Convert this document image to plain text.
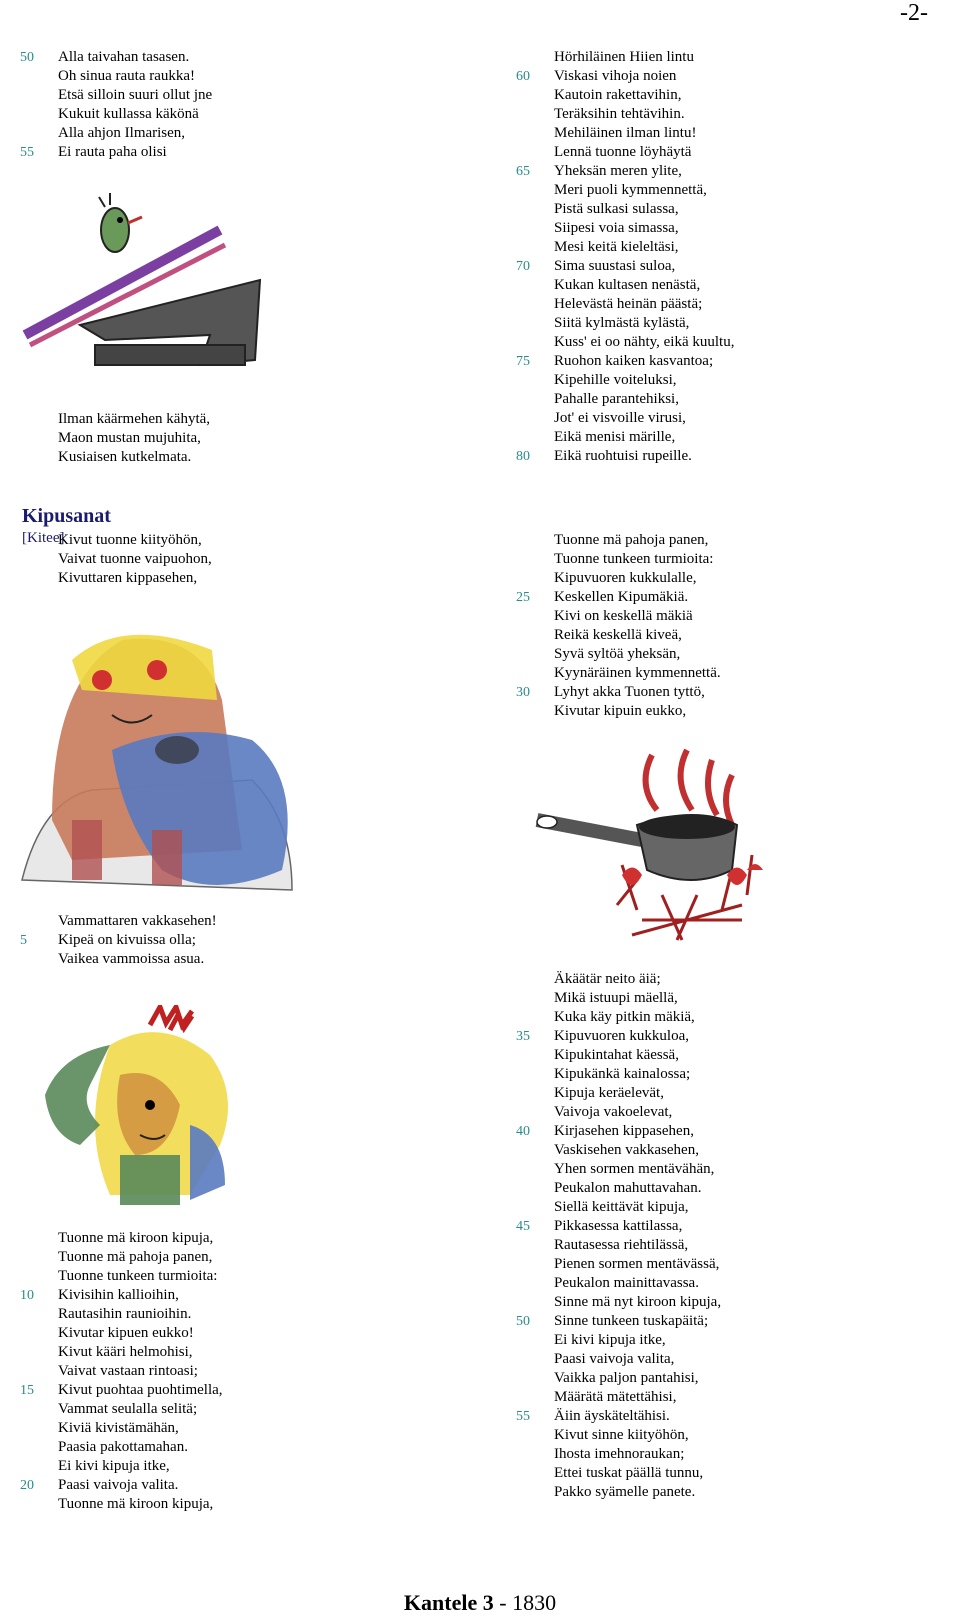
-2-
50	Alla taivahan tasasen.
Oh sinua rauta raukka!
Etsä silloin suuri ollut jne
Kukuit kullassa käkönä
Alla ahjon Ilmarisen,
55	Ei rauta paha olisi
Ilman käärmehen kähytä,
Maon mustan mujuhita,
Kusiaisen kutkelmata.
Hörhiläinen Hiien lintu
60	Viskasi vihoja noien
Kautoin rakettavihin,
Teräksihin tehtävihin.
Mehiläinen ilman lintu!
Lennä tuonne löyhäytä
65	Yheksän meren ylite,
Meri puoli kymmennettä,
Pistä sulkasi sulassa,
Siipesi voia simassa,
Mesi keitä kieleltäsi,
70	Sima suustasi suloa,
Kukan kultasen nenästä,
Helevästä heinän päästä;
Siitä kylmästä kylästä,
Kuss' ei oo nähty, eikä kuultu,
75	Ruohon kaiken kasvantoa;
Kipehille voiteluksi,
Pahalle parantehiksi,
Jot' ei visvoille virusi,
Eikä menisi märille,
80	Eikä ruohtuisi rupeille.
Kipusanat
[Kitee]
Kivut tuonne kiityöhön,
Vaivat tuonne vaipuohon,
Kivuttaren kippasehen,
Vammattaren vakkasehen!
5	Kipeä on kivuissa olla;
Vaikea vammoissa asua.
Tuonne mä kiroon kipuja,
Tuonne mä pahoja panen,
Tuonne tunkeen turmioita:
10	Kivisihin kallioihin,
Rautasihin raunioihin.
Kivutar kipuen eukko!
Kivut kääri helmohisi,
Vaivat vastaan rintoasi;
15	Kivut puohtaa puohtimella,
Vammat seulalla selitä;
Kiviä kivistämähän,
Paasia pakottamahan.
Ei kivi kipuja itke,
20	Paasi vaivoja valita.
Tuonne mä kiroon kipuja,
Tuonne mä pahoja panen,
Tuonne tunkeen turmioita:
Kipuvuoren kukkulalle,
25	Keskellen Kipumäkiä.
Kivi on keskellä mäkiä
Reikä keskellä kiveä,
Syvä syltöä yheksän,
Kyynäräinen kymmennettä.
30	Lyhyt akka Tuonen tyttö,
Kivutar kipuin eukko,
Äkäätär neito äiä;
Mikä istuupi mäellä,
Kuka käy pitkin mäkiä,
35	Kipuvuoren kukkuloa,
Kipukintahat käessä,
Kipukänkä kainalossa;
Kipuja keräelevät,
Vaivoja vakoelevat,
40	Kirjasehen kippasehen,
Vaskisehen vakkasehen,
Yhen sormen mentävähän,
Peukalon mahuttavahan.
Siellä keittävät kipuja,
45	Pikkasessa kattilassa,
Rautasessa riehtilässä,
Pienen sormen mentävässä,
Peukalon mainittavassa.
Sinne mä nyt kiroon kipuja,
50	Sinne tunkeen tuskapäitä;
Ei kivi kipuja itke,
Paasi vaivoja valita,
Vaikka paljon pantahisi,
Määrätä mätettähisi,
55	Äiin äyskäteltähisi.
Kivut sinne kiityöhön,
Ihosta imehnoraukan;
Ettei tuskat päällä tunnu,
Pakko syämelle panete.
Kantele 3 - 1830
